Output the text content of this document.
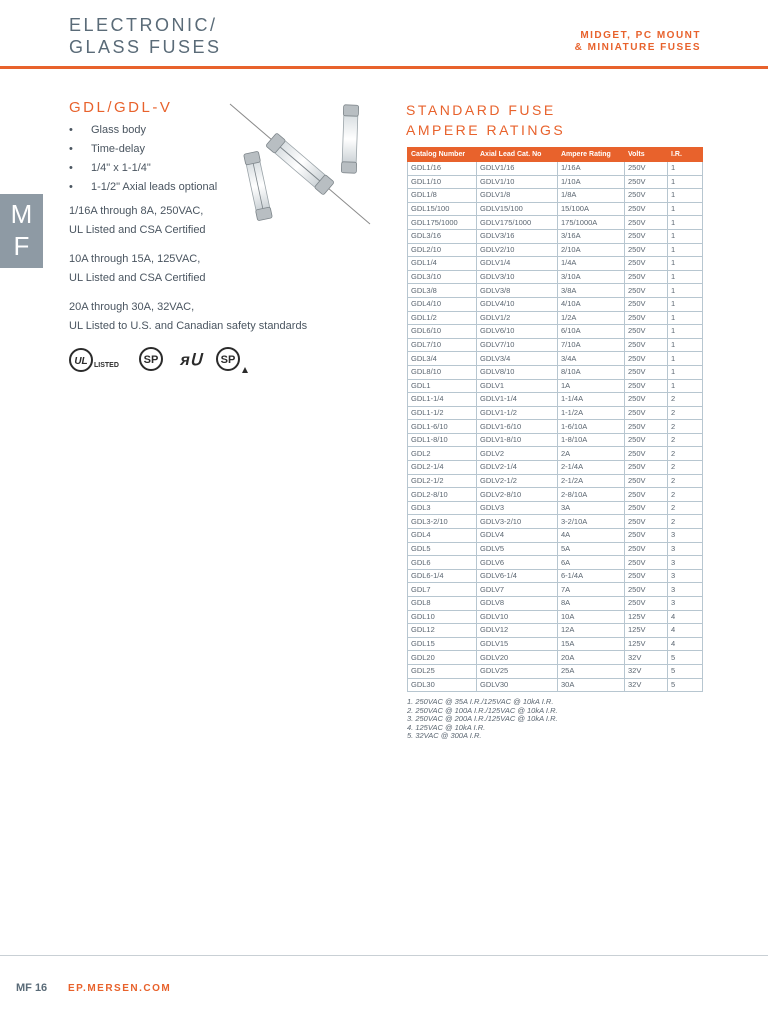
ELECTRONIC/
GLASS FUSES
MIDGET, PC MOUNT
& MINIATURE FUSES
M
F
GDL/GDL-V
• Glass body
• Time-delay
• 1/4" x 1-1/4"
• 1-1/2" Axial leads optional
1/16A through 8A, 250VAC,
UL Listed and CSA Certified
10A through 15A, 125VAC,
UL Listed and CSA Certified
20A through 30A, 32VAC,
UL Listed to U.S. and Canadian safety standards
UL LISTED SP ᴙ𝖴 SP
STANDARD FUSE
AMPERE RATINGS
Catalog Number	Axial Lead Cat. No	Ampere Rating	Volts	I.R.
GDL1/16	GDLV1/16	1/16A	250V	1
GDL1/10	GDLV1/10	1/10A	250V	1
GDL1/8	GDLV1/8	1/8A	250V	1
GDL15/100	GDLV15/100	15/100A	250V	1
GDL175/1000	GDLV175/1000	175/1000A	250V	1
GDL3/16	GDLV3/16	3/16A	250V	1
GDL2/10	GDLV2/10	2/10A	250V	1
GDL1/4	GDLV1/4	1/4A	250V	1
GDL3/10	GDLV3/10	3/10A	250V	1
GDL3/8	GDLV3/8	3/8A	250V	1
GDL4/10	GDLV4/10	4/10A	250V	1
GDL1/2	GDLV1/2	1/2A	250V	1
GDL6/10	GDLV6/10	6/10A	250V	1
GDL7/10	GDLV7/10	7/10A	250V	1
GDL3/4	GDLV3/4	3/4A	250V	1
GDL8/10	GDLV8/10	8/10A	250V	1
GDL1	GDLV1	1A	250V	1
GDL1-1/4	GDLV1-1/4	1-1/4A	250V	2
GDL1-1/2	GDLV1-1/2	1-1/2A	250V	2
GDL1-6/10	GDLV1-6/10	1-6/10A	250V	2
GDL1-8/10	GDLV1-8/10	1-8/10A	250V	2
GDL2	GDLV2	2A	250V	2
GDL2-1/4	GDLV2-1/4	2-1/4A	250V	2
GDL2-1/2	GDLV2-1/2	2-1/2A	250V	2
GDL2-8/10	GDLV2-8/10	2-8/10A	250V	2
GDL3	GDLV3	3A	250V	2
GDL3-2/10	GDLV3-2/10	3-2/10A	250V	2
GDL4	GDLV4	4A	250V	3
GDL5	GDLV5	5A	250V	3
GDL6	GDLV6	6A	250V	3
GDL6-1/4	GDLV6-1/4	6-1/4A	250V	3
GDL7	GDLV7	7A	250V	3
GDL8	GDLV8	8A	250V	3
GDL10	GDLV10	10A	125V	4
GDL12	GDLV12	12A	125V	4
GDL15	GDLV15	15A	125V	4
GDL20	GDLV20	20A	32V	5
GDL25	GDLV25	25A	32V	5
GDL30	GDLV30	30A	32V	5
1. 250VAC @ 35A I.R./125VAC @ 10kA I.R.
2. 250VAC @ 100A I.R./125VAC @ 10kA I.R.
3. 250VAC @ 200A I.R./125VAC @ 10kA I.R.
4. 125VAC @ 10kA I.R.
5. 32VAC @ 300A I.R.
MF 16 EP.MERSEN.COM
